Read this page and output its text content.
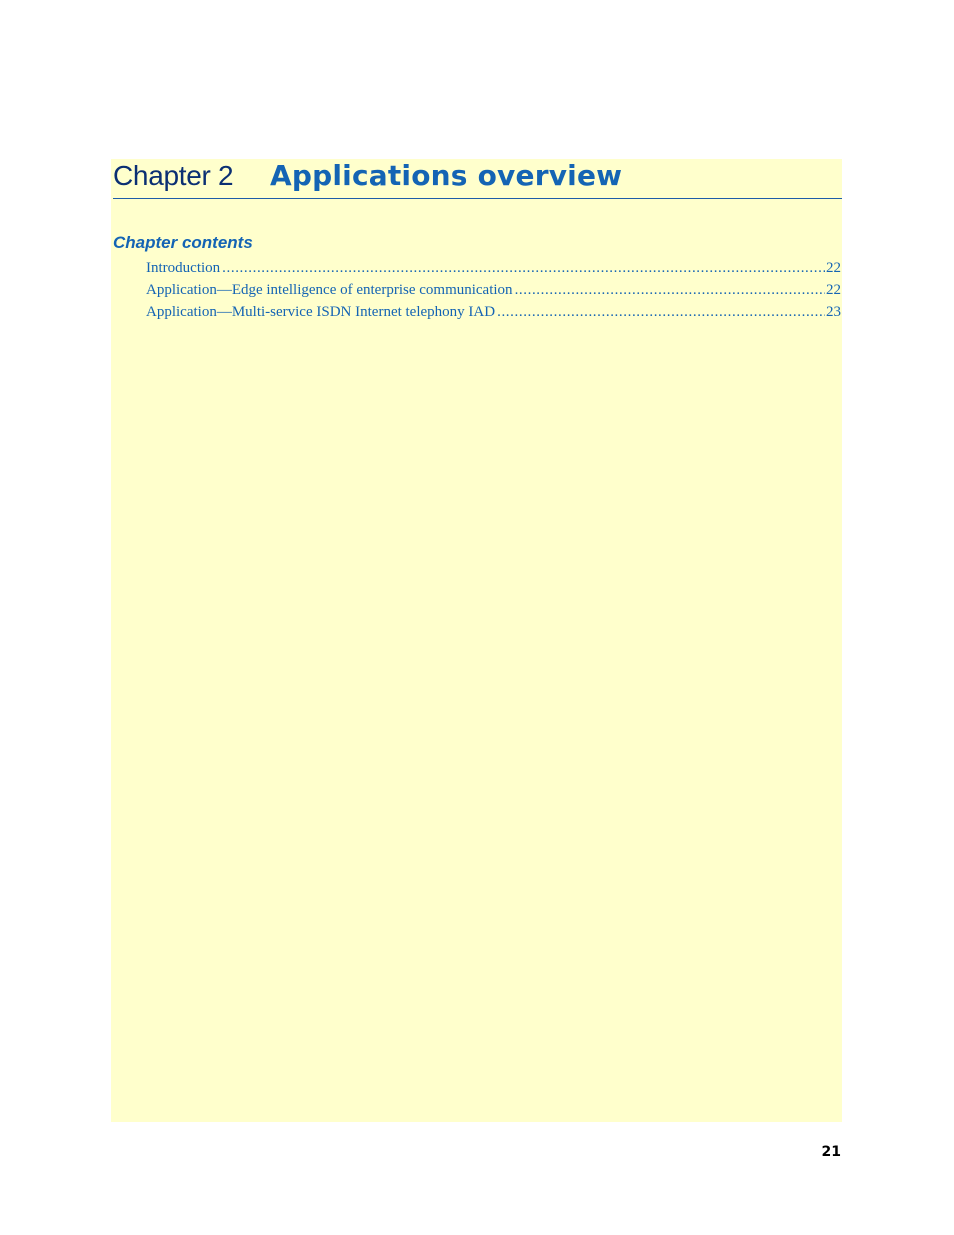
Chapter 2 Applications overview
Chapter contents
Introduction .....	22
Application—Edge intelligence of enterprise communication .....	22
Application—Multi-service ISDN Internet telephony IAD .....	23
21
